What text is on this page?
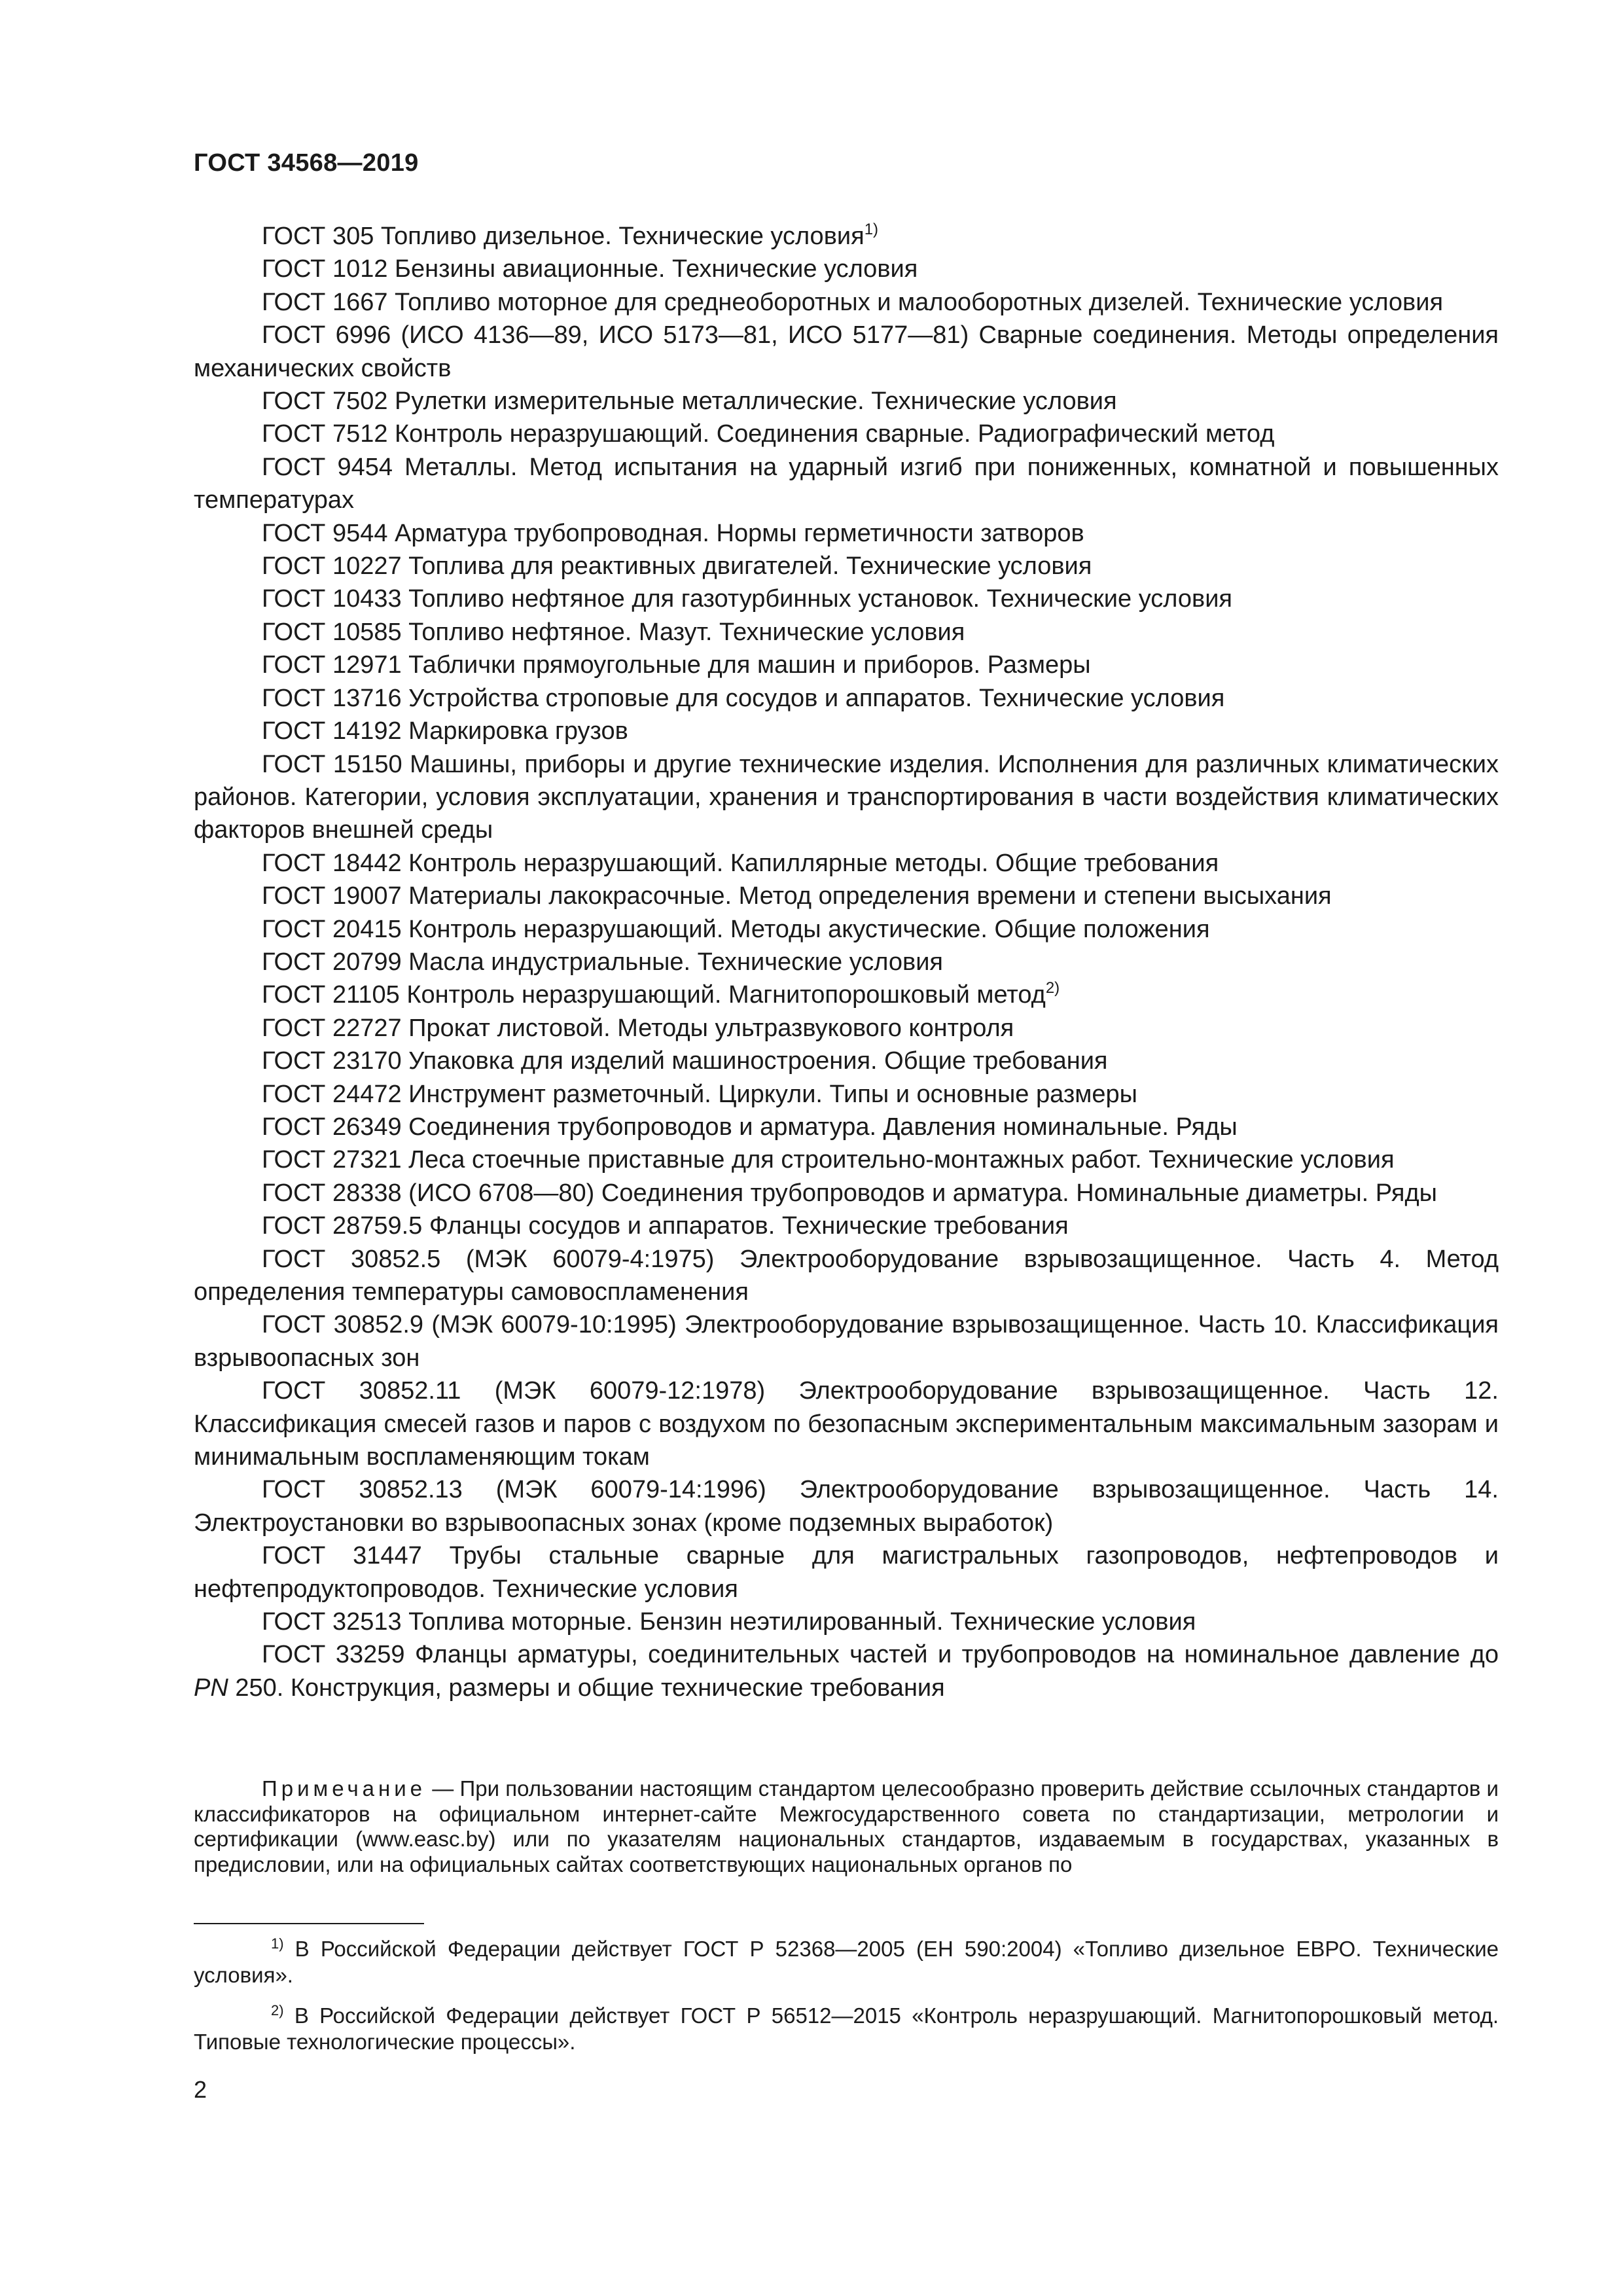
ГОСТ 34568—2019

ГОСТ 305 Топливо дизельное. Технические условия$^{1)}$

ГОСТ 1012 Бензины авиационные. Технические условия

ГОСТ 1667 Топливо моторное для среднеоборотных и малооборотных дизелей. Технические условия

ГОСТ 6996 (ИСО 4136—89, ИСО 5173—81, ИСО 5177—81) Сварные соединения. Методы определения механических свойств

ГОСТ 7502 Рулетки измерительные металлические. Технические условия

ГОСТ 7512 Контроль неразрушающий. Соединения сварные. Радиографический метод

ГОСТ 9454 Металлы. Метод испытания на ударный изгиб при пониженных, комнатной и повышенных температурах

ГОСТ 9544 Арматура трубопроводная. Нормы герметичности затворов

ГОСТ 10227 Топлива для реактивных двигателей. Технические условия

ГОСТ 10433 Топливо нефтяное для газотурбинных установок. Технические условия

ГОСТ 10585 Топливо нефтяное. Мазут. Технические условия

ГОСТ 12971 Таблички прямоугольные для машин и приборов. Размеры

ГОСТ 13716 Устройства строповые для сосудов и аппаратов. Технические условия

ГОСТ 14192 Маркировка грузов

ГОСТ 15150 Машины, приборы и другие технические изделия. Исполнения для различных климатических районов. Категории, условия эксплуатации, хранения и транспортирования в части воздействия климатических факторов внешней среды

ГОСТ 18442 Контроль неразрушающий. Капиллярные методы. Общие требования

ГОСТ 19007 Материалы лакокрасочные. Метод определения времени и степени высыхания

ГОСТ 20415 Контроль неразрушающий. Методы акустические. Общие положения

ГОСТ 20799 Масла индустриальные. Технические условия

ГОСТ 21105 Контроль неразрушающий. Магнитопорошковый метод$^{2)}$

ГОСТ 22727 Прокат листовой. Методы ультразвукового контроля

ГОСТ 23170 Упаковка для изделий машиностроения. Общие требования

ГОСТ 24472 Инструмент разметочный. Циркули. Типы и основные размеры

ГОСТ 26349 Соединения трубопроводов и арматура. Давления номинальные. Ряды

ГОСТ 27321 Леса стоечные приставные для строительно-монтажных работ. Технические условия

ГОСТ 28338 (ИСО 6708—80) Соединения трубопроводов и арматура. Номинальные диаметры. Ряды

ГОСТ 28759.5 Фланцы сосудов и аппаратов. Технические требования

ГОСТ 30852.5 (МЭК 60079-4:1975) Электрооборудование взрывозащищенное. Часть 4. Метод определения температуры самовоспламенения

ГОСТ 30852.9 (МЭК 60079-10:1995) Электрооборудование взрывозащищенное. Часть 10. Классификация взрывоопасных зон

ГОСТ 30852.11 (МЭК 60079-12:1978) Электрооборудование взрывозащищенное. Часть 12. Классификация смесей газов и паров с воздухом по безопасным экспериментальным максимальным зазорам и минимальным воспламеняющим токам

ГОСТ 30852.13 (МЭК 60079-14:1996) Электрооборудование взрывозащищенное. Часть 14. Электроустановки во взрывоопасных зонах (кроме подземных выработок)

ГОСТ 31447 Трубы стальные сварные для магистральных газопроводов, нефтепроводов и нефтепродуктопроводов. Технические условия

ГОСТ 32513 Топлива моторные. Бензин неэтилированный. Технические условия

ГОСТ 33259 Фланцы арматуры, соединительных частей и трубопроводов на номинальное давление до PN 250. Конструкция, размеры и общие технические требования

Примечание — При пользовании настоящим стандартом целесообразно проверить действие ссылочных стандартов и классификаторов на официальном интернет-сайте Межгосударственного совета по стандартизации, метрологии и сертификации (www.easc.by) или по указателям национальных стандартов, издаваемым в государствах, указанных в предисловии, или на официальных сайтах соответствующих национальных органов по

$^{1)}$ В Российской Федерации действует ГОСТ Р 52368—2005 (ЕН 590:2004) «Топливо дизельное ЕВРО. Технические условия».

$^{2)}$ В Российской Федерации действует ГОСТ Р 56512—2015 «Контроль неразрушающий. Магнитопорошковый метод. Типовые технологические процессы».

2
